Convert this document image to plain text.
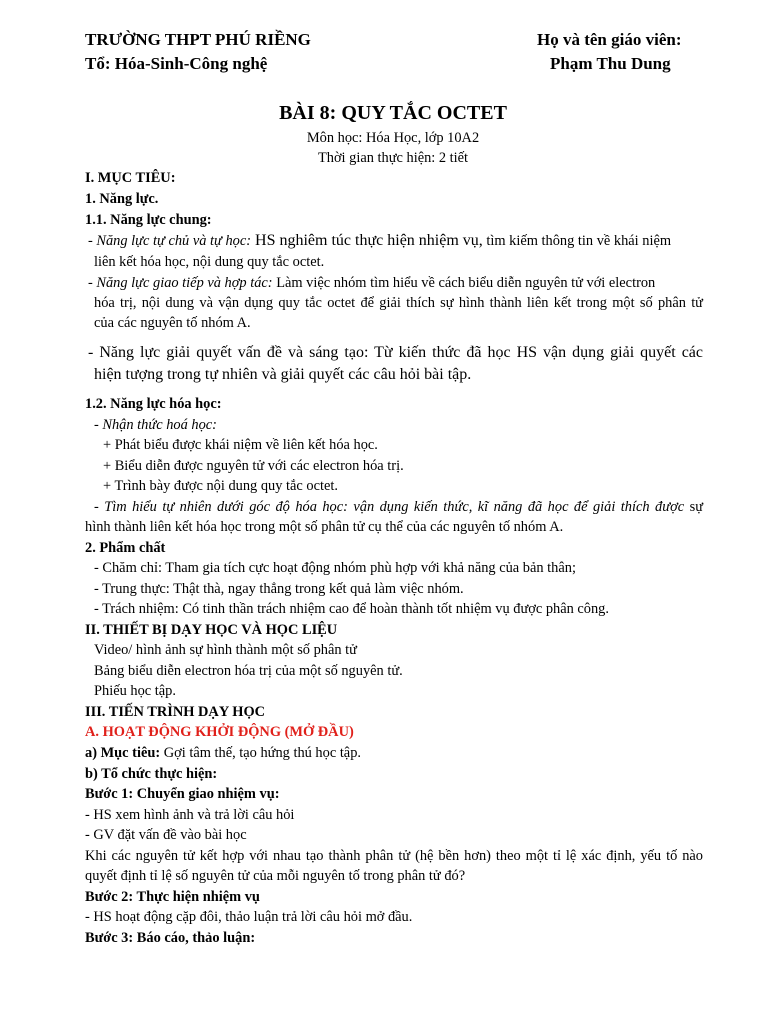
TRƯỜNG THPT PHÚ RIỀNG
Tổ: Hóa-Sinh-Công nghệ
Họ và tên giáo viên:
Phạm Thu Dung
BÀI 8: QUY TẮC OCTET
Môn học: Hóa Học, lớp 10A2
Thời gian thực hiện: 2 tiết
I. MỤC TIÊU:
1. Năng lực.
1.1. Năng lực chung:
- Năng lực tự chủ và tự học: HS nghiêm túc thực hiện nhiệm vụ, tìm kiếm thông tin về khái niệm
liên kết hóa học, nội dung quy tắc octet.
- Năng lực giao tiếp và hợp tác: Làm việc nhóm tìm hiểu về cách biểu diễn nguyên tử với electron
hóa trị, nội dung và vận dụng quy tắc octet để giải thích sự hình thành liên kết trong một số phân tử
của các nguyên tố nhóm A.
- Năng lực giải quyết vấn đề và sáng tạo: Từ kiến thức đã học HS vận dụng giải quyết các
hiện tượng trong tự nhiên và giải quyết các câu hỏi bài tập.
1.2. Năng lực hóa học:
- Nhận thức hoá học:
+ Phát biểu được khái niệm về liên kết hóa học.
+ Biểu diễn được nguyên tử với các electron hóa trị.
+ Trình bày được nội dung quy tắc octet.
- Tìm hiểu tự nhiên dưới góc độ hóa học: vận dụng kiến thức, kĩ năng đã học để giải thích được sự
hình thành liên kết hóa học trong một số phân tử cụ thể của các nguyên tố nhóm A.
2. Phẩm chất
- Chăm chỉ: Tham gia tích cực hoạt động nhóm phù hợp với khả năng của bản thân;
- Trung thực: Thật thà, ngay thẳng trong kết quả làm việc nhóm.
- Trách nhiệm: Có tinh thần trách nhiệm cao để hoàn thành tốt nhiệm vụ được phân công.
II. THIẾT BỊ DẠY HỌC VÀ HỌC LIỆU
Video/ hình ảnh sự hình thành một số phân tử
Bảng biểu diễn electron hóa trị của một số nguyên tử.
Phiếu học tập.
III. TIẾN TRÌNH DẠY HỌC
A. HOẠT ĐỘNG KHỞI ĐỘNG (MỞ ĐẦU)
a) Mục tiêu: Gợi tâm thế, tạo hứng thú học tập.
b) Tổ chức thực hiện:
Bước 1: Chuyển giao nhiệm vụ:
- HS xem hình ảnh và trả lời câu hỏi
- GV đặt vấn đề vào bài học
Khi các nguyên tử kết hợp với nhau tạo thành phân tử (hệ bền hơn) theo một tỉ lệ xác định, yếu tố nào
quyết định tỉ lệ số nguyên tử của mỗi nguyên tố trong phân tử đó?
Bước 2: Thực hiện nhiệm vụ
- HS hoạt động cặp đôi, thảo luận trả lời câu hỏi mở đầu.
Bước 3: Báo cáo, thảo luận:
